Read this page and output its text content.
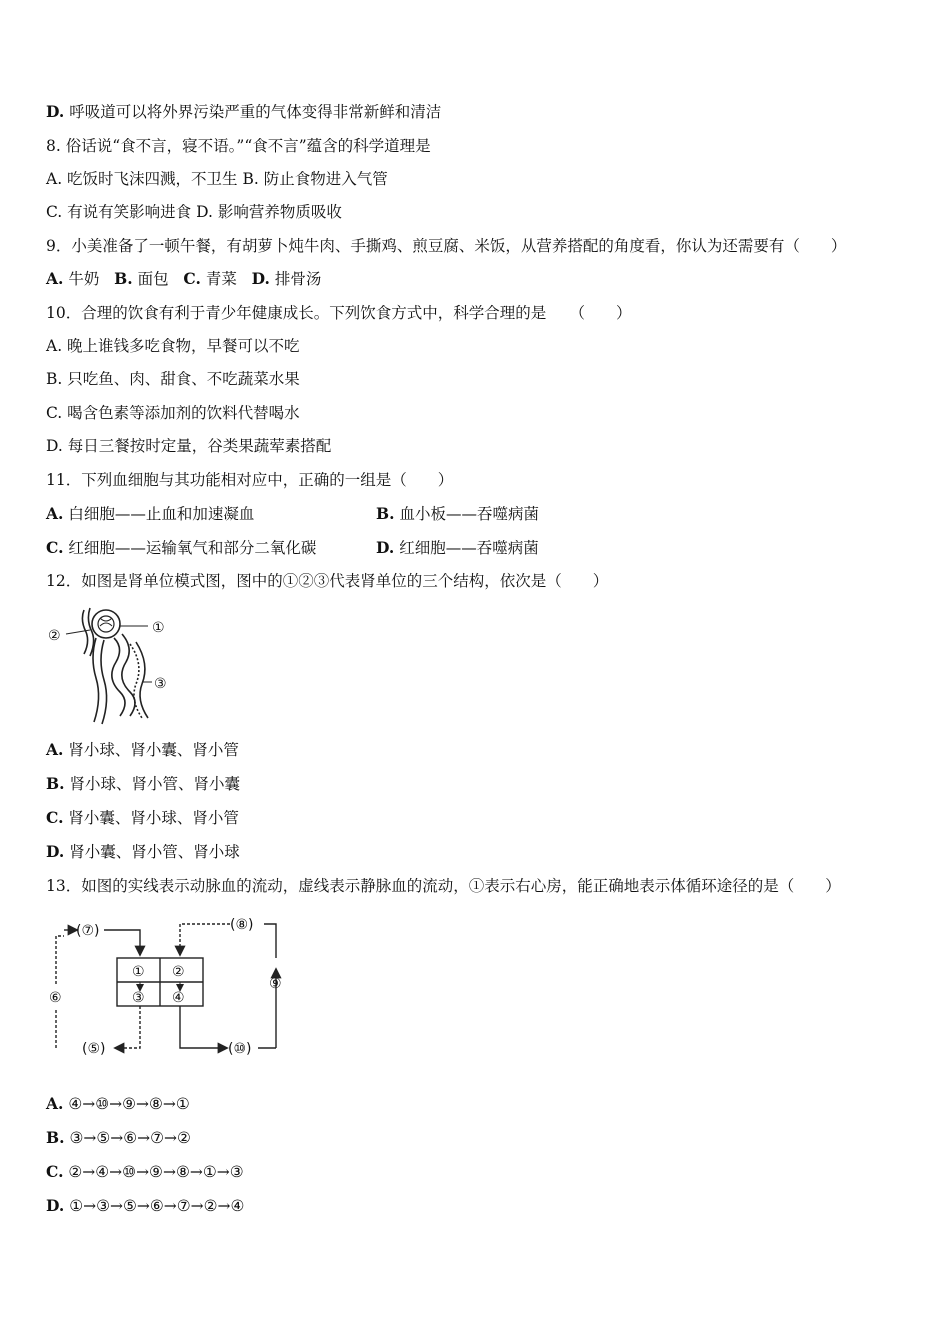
D. 呼吸道可以将外界污染严重的气体变得非常新鲜和清洁
8. 俗话说“食不言，寝不语。”“食不言”蕴含的科学道理是
A. 吃饭时飞沫四溅，不卫生 B. 防止食物进入气管
C. 有说有笑影响进食 D. 影响营养物质吸收
9．小美准备了一顿午餐，有胡萝卜炖牛肉、手撕鸡、煎豆腐、米饭，从营养搭配的角度看，你认为还需要有（　　）
A. 牛奶 B. 面包 C. 青菜 D. 排骨汤
10．合理的饮食有利于青少年健康成长。下列饮食方式中，科学合理的是　　（　　）
A. 晚上谁钱多吃食物，早餐可以不吃
B. 只吃鱼、肉、甜食、不吃蔬菜水果
C. 喝含色素等添加剂的饮料代替喝水
D. 每日三餐按时定量，谷类果蔬荤素搭配
11．下列血细胞与其功能相对应中，正确的一组是（　　）
A. 白细胞——止血和加速凝血	B. 血小板——吞噬病菌
C. 红细胞——运输氧气和部分二氧化碳	D. 红细胞——吞噬病菌
12．如图是肾单位模式图，图中的①②③代表肾单位的三个结构，依次是（　　）
①
②
③
A. 肾小球、肾小囊、肾小管
B. 肾小球、肾小管、肾小囊
C. 肾小囊、肾小球、肾小管
D. 肾小囊、肾小管、肾小球
13．如图的实线表示动脉血的流动，虚线表示静脉血的流动，①表示右心房，能正确地表示体循环途径的是（　　）
① ②
③ ④
(⑤)
⑥
(⑦)	(⑧)
⑨
(⑩)
A. ④→⑩→⑨→⑧→①
B. ③→⑤→⑥→⑦→②
C. ②→④→⑩→⑨→⑧→①→③
D. ①→③→⑤→⑥→⑦→②→④
